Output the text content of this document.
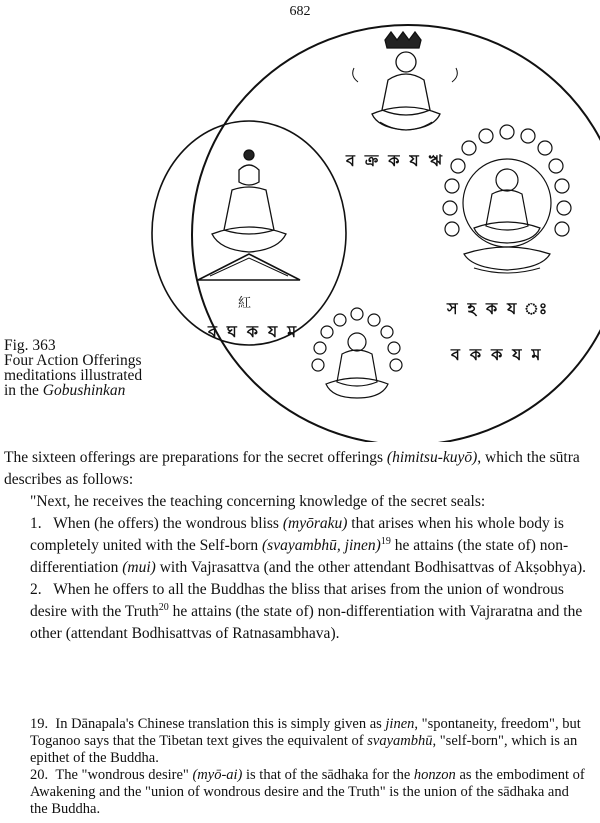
682
ব ক্ৰ ক য ঋ
স হ ক য ঃ
紅
ব ঘ ক য ম
ব ক ক য ম
Fig. 363
Four Action Offerings
meditations illustrated
in the Gobushinkan
The sixteen offerings are preparations for the secret offerings (himitsu-kuyō), which the sūtra describes as follows:
"Next, he receives the teaching concerning knowledge of the secret seals:
1. When (he offers) the wondrous bliss (myōraku) that arises when his whole body is completely united with the Self-born (svayambhū, jinen)$^{19}$ he attains (the state of) non-differentiation (mui) with Vajrasattva (and the other attendant Bodhisattvas of Akṣobhya).
2. When he offers to all the Buddhas the bliss that arises from the union of wondrous desire with the Truth$^{20}$ he attains (the state of) non-differentiation with Vajraratna and the other (attendant Bodhisattvas of Ratnasambhava).
19. In Dānapala's Chinese translation this is simply given as jinen, "spontaneity, freedom", but Toganoo says that the Tibetan text gives the equivalent of svayambhū, "self-born", which is an epithet of the Buddha.
20. The "wondrous desire" (myō-ai) is that of the sādhaka for the honzon as the embodiment of Awakening and the "union of wondrous desire and the Truth" is the union of the sādhaka and the Buddha.
